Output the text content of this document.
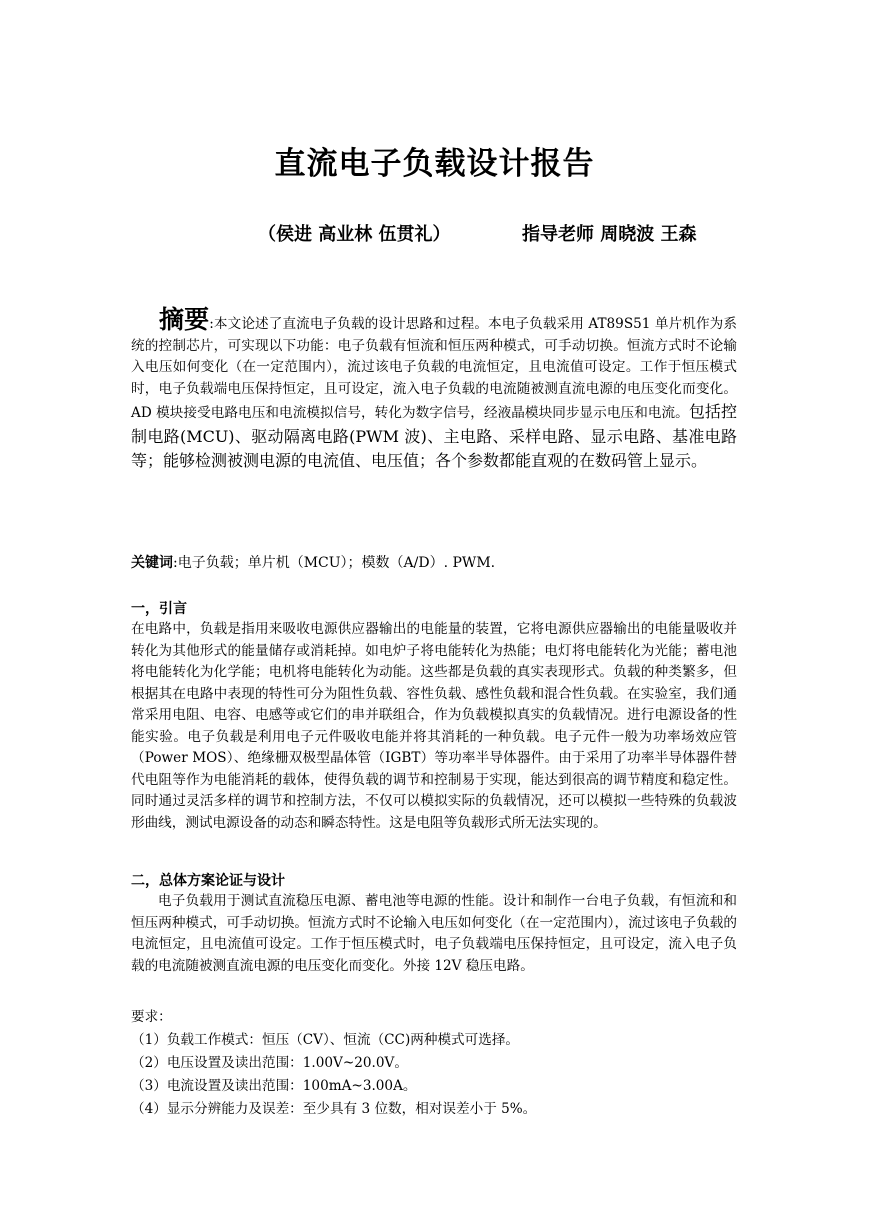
直流电子负载设计报告
（侯进 高业林 伍贯礼）	指导老师 周晓波 王森
摘要:本文论述了直流电子负载的设计思路和过程。本电子负载采用 AT89S51 单片机作为系统的控制芯片，可实现以下功能：电子负载有恒流和恒压两种模式，可手动切换。恒流方式时不论输入电压如何变化（在一定范围内），流过该电子负载的电流恒定，且电流值可设定。工作于恒压模式时，电子负载端电压保持恒定，且可设定，流入电子负载的电流随被测直流电源的电压变化而变化。AD 模块接受电路电压和电流模拟信号，转化为数字信号，经液晶模块同步显示电压和电流。包括控制电路(MCU)、驱动隔离电路(PWM 波)、主电路、采样电路、显示电路、基准电路等；能够检测被测电源的电流值、电压值；各个参数都能直观的在数码管上显示。
关键词:电子负载；单片机（MCU）；模数（A/D）. PWM.
一，引言
在电路中，负载是指用来吸收电源供应器输出的电能量的装置，它将电源供应器输出的电能量吸收并转化为其他形式的能量储存或消耗掉。如电炉子将电能转化为热能；电灯将电能转化为光能；蓄电池将电能转化为化学能；电机将电能转化为动能。这些都是负载的真实表现形式。负载的种类繁多，但根据其在电路中表现的特性可分为阻性负载、容性负载、感性负载和混合性负载。在实验室，我们通常采用电阻、电容、电感等或它们的串并联组合，作为负载模拟真实的负载情况。进行电源设备的性能实验。电子负载是利用电子元件吸收电能并将其消耗的一种负载。电子元件一般为功率场效应管（Power MOS）、绝缘栅双极型晶体管（IGBT）等功率半导体器件。由于采用了功率半导体器件替代电阻等作为电能消耗的载体，使得负载的调节和控制易于实现，能达到很高的调节精度和稳定性。同时通过灵活多样的调节和控制方法，不仅可以模拟实际的负载情况，还可以模拟一些特殊的负载波形曲线，测试电源设备的动态和瞬态特性。这是电阻等负载形式所无法实现的。
二，总体方案论证与设计
电子负载用于测试直流稳压电源、蓄电池等电源的性能。设计和制作一台电子负载，有恒流和和恒压两种模式，可手动切换。恒流方式时不论输入电压如何变化（在一定范围内），流过该电子负载的电流恒定，且电流值可设定。工作于恒压模式时，电子负载端电压保持恒定，且可设定，流入电子负载的电流随被测直流电源的电压变化而变化。外接 12V 稳压电路。
要求：
（1）负载工作模式：恒压（CV）、恒流（CC)两种模式可选择。
（2）电压设置及读出范围：1.00V~20.0V。
（3）电流设置及读出范围：100mA~3.00A。
（4）显示分辨能力及误差：至少具有 3 位数，相对误差小于 5%。
